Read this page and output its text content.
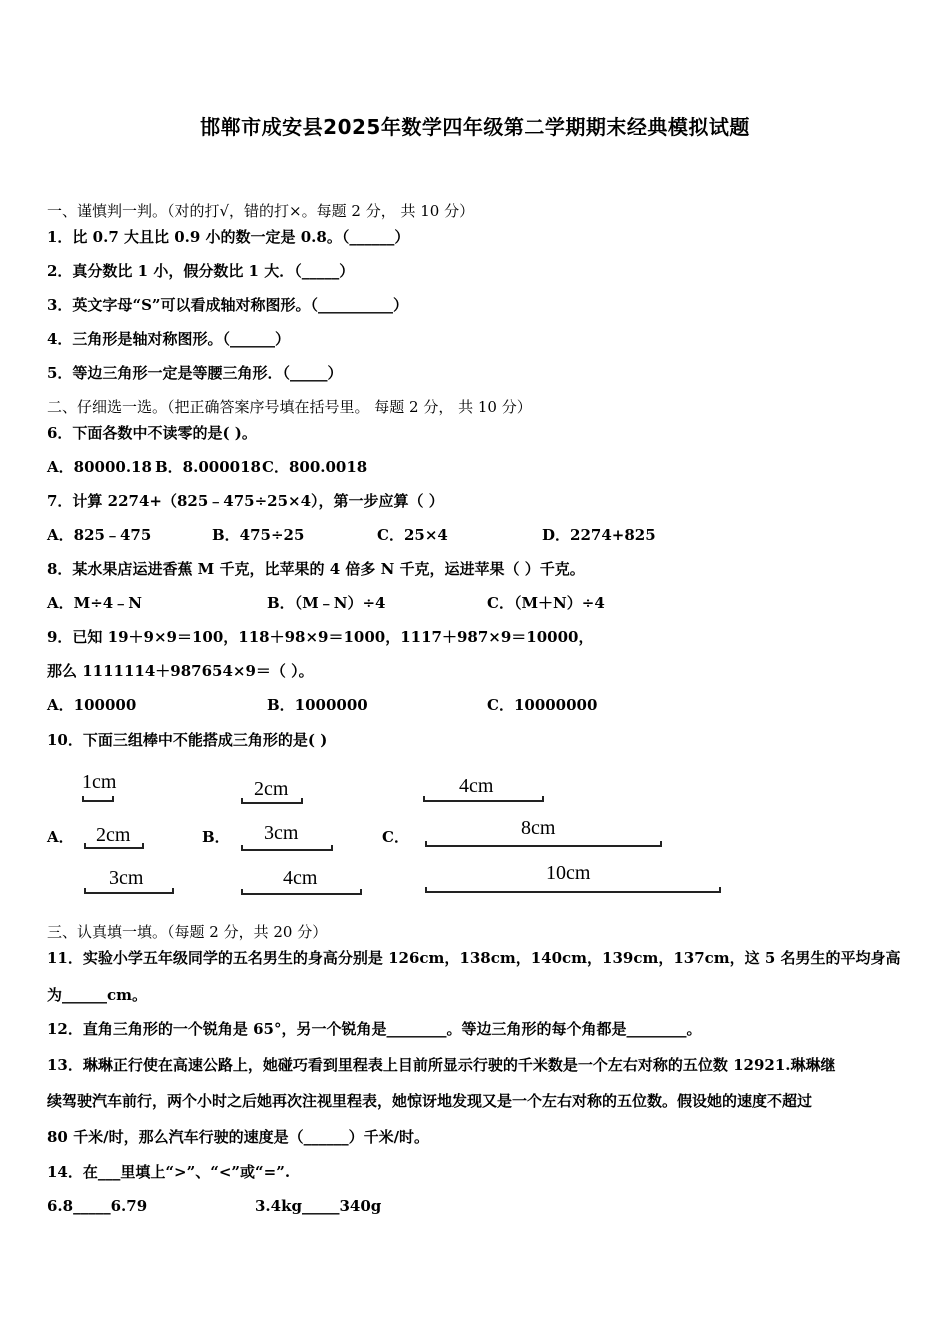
邯郸市成安县2025年数学四年级第二学期期末经典模拟试题
一、谨慎判一判。（对的打√，错的打×。每题 2 分， 共 10 分）
1．比 0.7 大且比 0.9 小的数一定是 0.8。（______）
2．真分数比 1 小，假分数比 1 大．（_____）
3．英文字母“S”可以看成轴对称图形。（__________）
4．三角形是轴对称图形。（______）
5．等边三角形一定是等腰三角形．（_____）
二、仔细选一选。（把正确答案序号填在括号里。 每题 2 分， 共 10 分）
6．下面各数中不读零的是( )。
A．80000.18 B．8.000018 C．800.0018
7．计算 2274+（825﹣475÷25×4），第一步应算（ ）
A．825﹣475	B．475÷25	C．25×4	D．2274+825
8．某水果店运进香蕉 M 千克，比苹果的 4 倍多 N 千克，运进苹果（ ）千克。
A．M÷4﹣N	B．（M﹣N）÷4	C．（M＋N）÷4
9．已知 19＋9×9＝100，118＋98×9＝1000，1117＋987×9＝10000，
那么 1111114＋987654×9＝（ ）。
A．100000	B．1000000	C．10000000
10．下面三组棒中不能搭成三角形的是( )
A．	B．	C．
1cm
2cm
3cm
2cm
3cm
4cm
4cm
8cm
10cm
三、认真填一填。（每题 2 分，共 20 分）
11．实验小学五年级同学的五名男生的身高分别是 126cm，138cm，140cm，139cm，137cm，这 5 名男生的平均身高
为______cm。
12．直角三角形的一个锐角是 65°，另一个锐角是________。等边三角形的每个角都是________。
13．琳琳正行使在高速公路上，她碰巧看到里程表上目前所显示行驶的千米数是一个左右对称的五位数 12921.琳琳继
续驾驶汽车前行，两个小时之后她再次注视里程表，她惊讶地发现又是一个左右对称的五位数。假设她的速度不超过
80 千米/时，那么汽车行驶的速度是（______）千米/时。
14．在___里填上“>”、“<”或“=”.
6.8_____6.79	3.4kg_____340g
